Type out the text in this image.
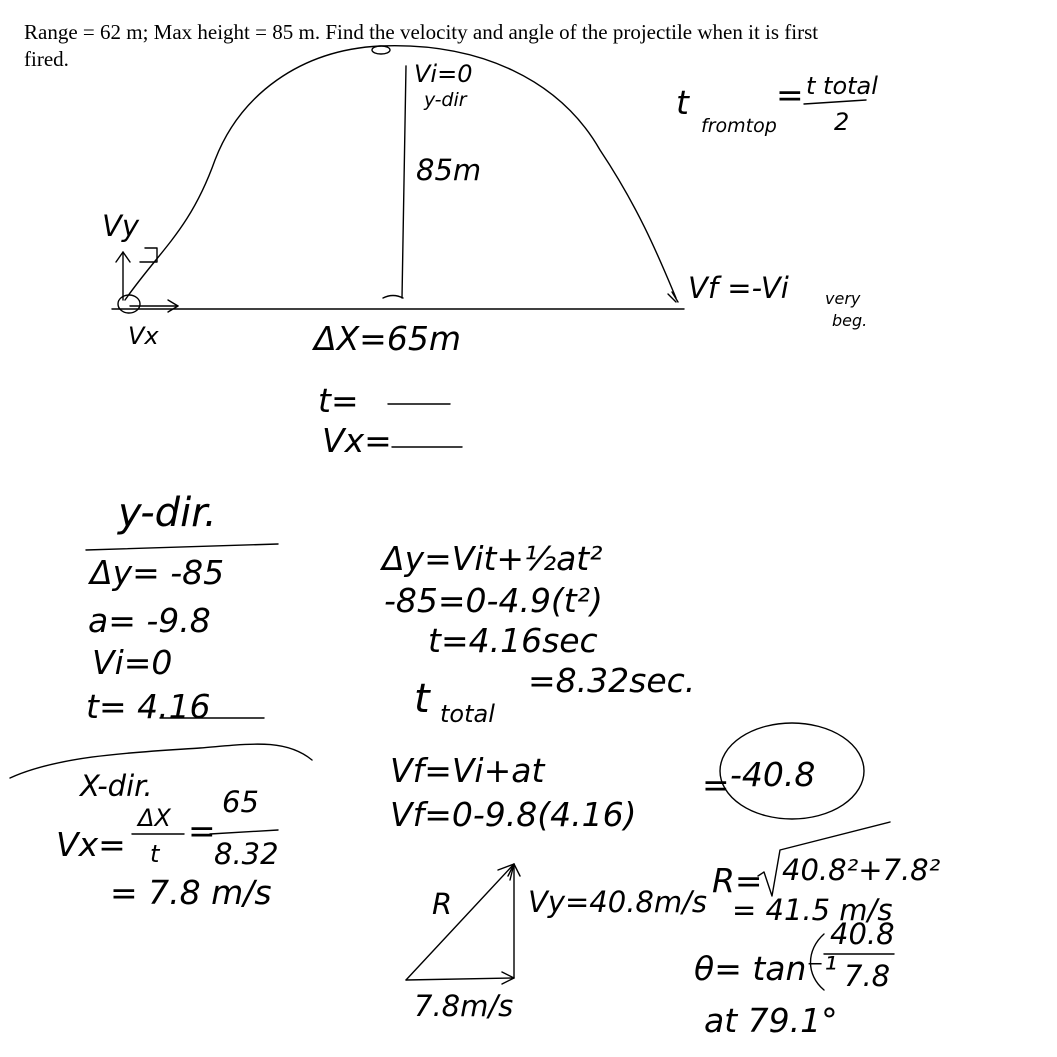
Range = 62 m; Max height = 85 m. Find the velocity and angle of the projectile when it is first fired.

Vi=0
y-dir
85m
t
fromtop
= t total
2
Vy
Vx
Vf =-Vi very
beg.
ΔX=65m
t=
Vx=
y-dir.
Δy= -85
a= -9.8
Vi=0
t= 4.16
X-dir.
Vx=
ΔX
t
=
65
8.32
= 7.8 m/s
Δy=Vit+½at²
-85=0-4.9(t²)
t=4.16sec
t total
=8.32sec.
Vf=Vi+at
Vf=0-9.8(4.16)
= -40.8
R	Vy=40.8m/s
7.8m/s
R= 40.8²+7.8²
= 41.5 m/s
θ= tan⁻¹
40.8
7.8
at 79.1°
